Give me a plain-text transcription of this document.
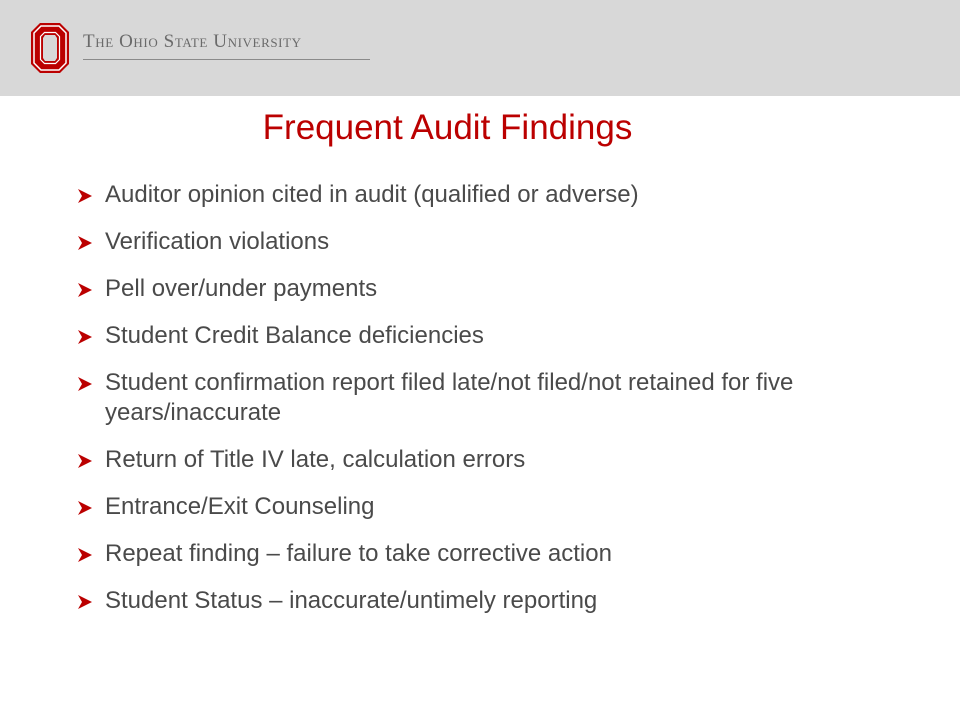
The Ohio State University
Frequent Audit Findings
Auditor opinion cited in audit (qualified or adverse)
Verification violations
Pell over/under payments
Student Credit Balance deficiencies
Student confirmation report filed late/not filed/not retained for five years/inaccurate
Return of Title IV late, calculation errors
Entrance/Exit Counseling
Repeat finding – failure to take corrective action
Student Status – inaccurate/untimely reporting
